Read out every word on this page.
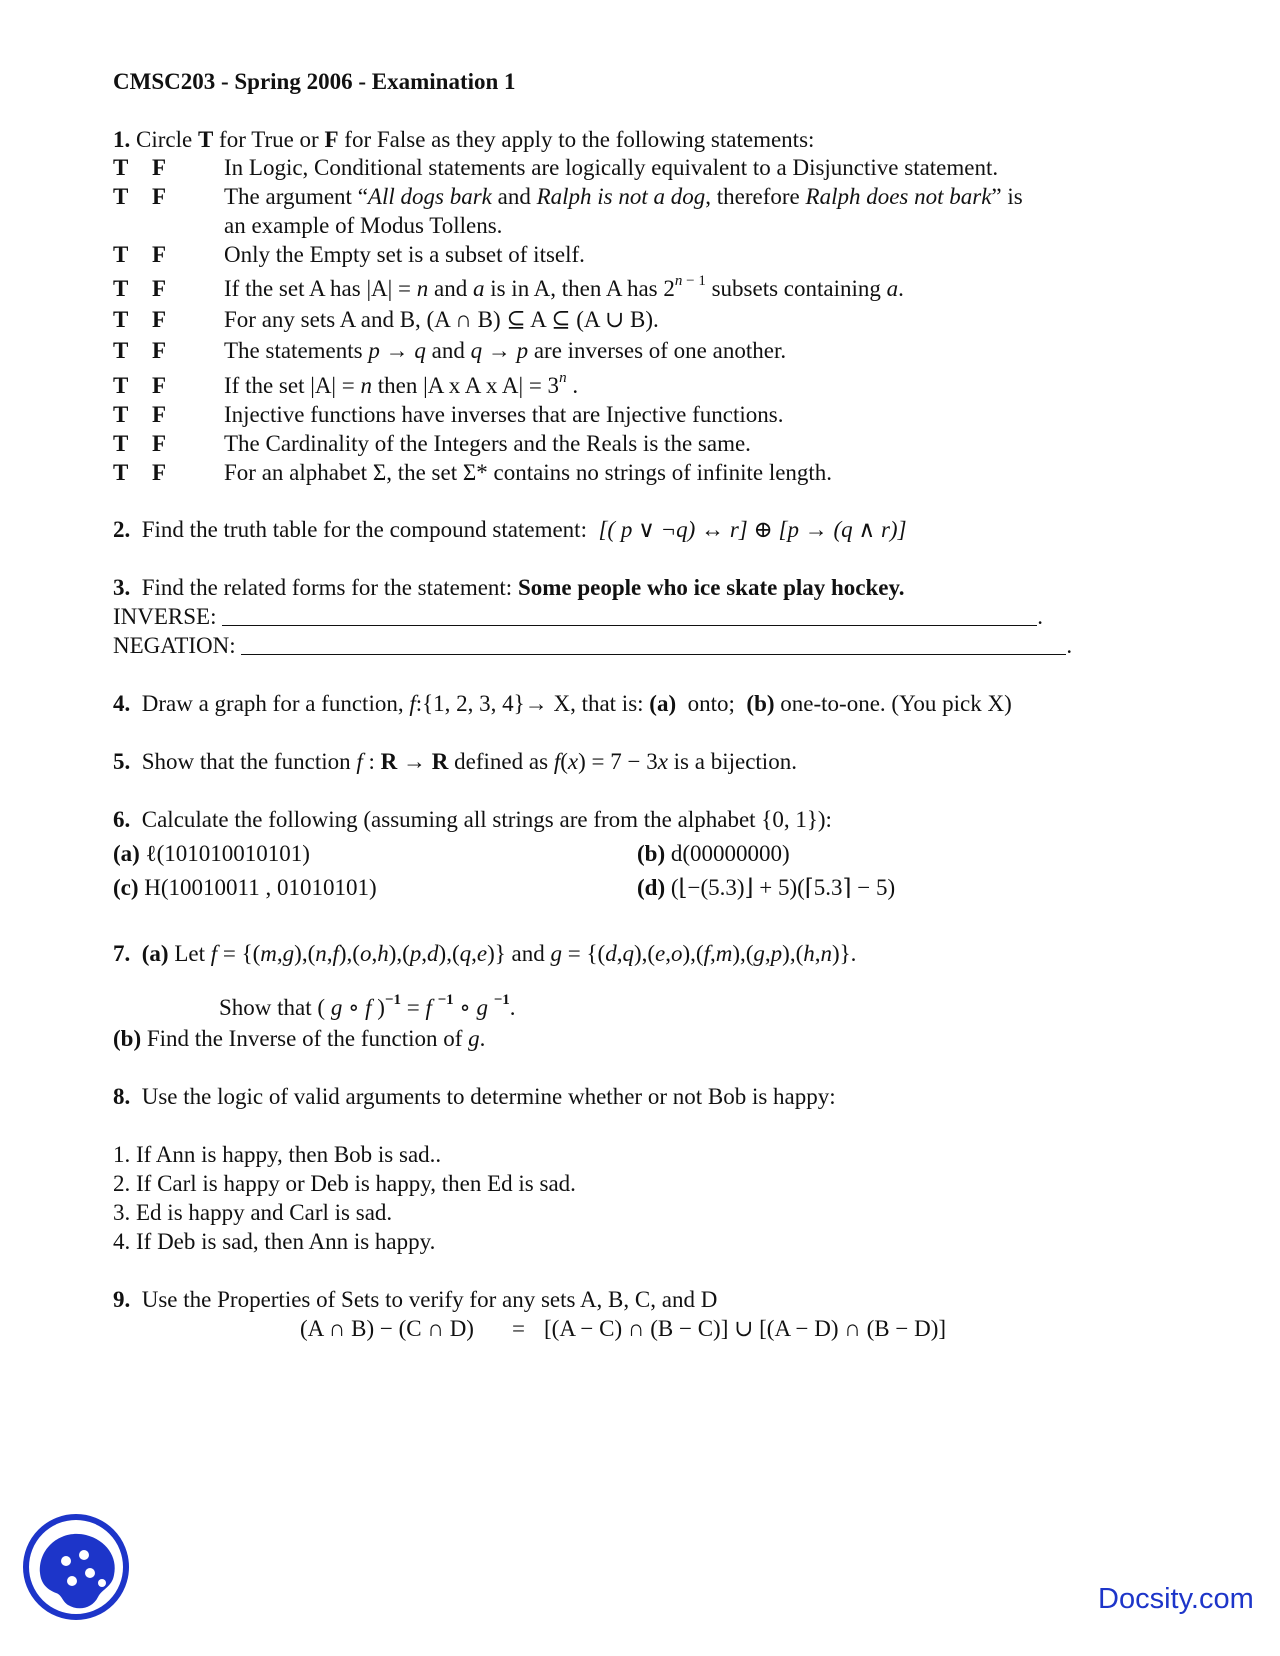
CMSC203 - Spring 2006 - Examination 1
1. Circle T for True or F for False as they apply to the following statements:
T F	In Logic, Conditional statements are logically equivalent to a Disjunctive statement.
T F	The argument “All dogs bark and Ralph is not a dog, therefore Ralph does not bark” is
an example of Modus Tollens.
T F	Only the Empty set is a subset of itself.
T F	If the set A has |A| = n and a is in A, then A has $2^{n - 1}$ subsets containing a.
T F	For any sets A and B, (A ∩ B) ⊆ A ⊆ (A ∪ B).
T F	The statements p → q and q → p are inverses of one another.
T F	If the set |A| = n then |A x A x $A| = 3^n$ .
T F	Injective functions have inverses that are Injective functions.
T F	The Cardinality of the Integers and the Reals is the same.
T F	For an alphabet Σ, the set Σ* contains no strings of infinite length.
2. Find the truth table for the compound statement: [( p ∨ ¬q) ↔ r] ⊕ [p → (q ∧ r)]
3. Find the related forms for the statement: Some people who ice skate play hockey.
INVERSE:	.
NEGATION:	.
4.  Draw a graph for a function, f:{1, 2, 3, 4}→ X, that is: (a)  onto;  (b) one-to-one. (You pick X)
5.  Show that the function f : R → R defined as f(x) = 7 − 3x is a bijection.
6. Calculate the following (assuming all strings are from the alphabet {0, 1}):
(a) ℓ(101010010101)	(b) d(00000000)
(c) H(10010011 , 01010101)	(d) (⌊−(5.3)⌋ + 5)(⌈5.3⌉ − 5)
7. (a) Let f = {(m,g),(n,f),(o,h),(p,d),(q,e)} and g = {(d,q),(e,o),(f,m),(g,p),(h,n)}.
Show that ( g ∘ f )$^{-1}$ = f $^{-1}$ ∘ g $^{-1}$.
(b) Find the Inverse of the function of g.
8. Use the logic of valid arguments to determine whether or not Bob is happy:
1. If Ann is happy, then Bob is sad..
2. If Carl is happy or Deb is happy, then Ed is sad.
3. Ed is happy and Carl is sad.
4. If Deb is sad, then Ann is happy.
9. Use the Properties of Sets to verify for any sets A, B, C, and D
(A ∩ B) − (C ∩ D) = [(A − C) ∩ (B − C)] ∪ [(A − D) ∩ (B − D)]
Docsity.com
